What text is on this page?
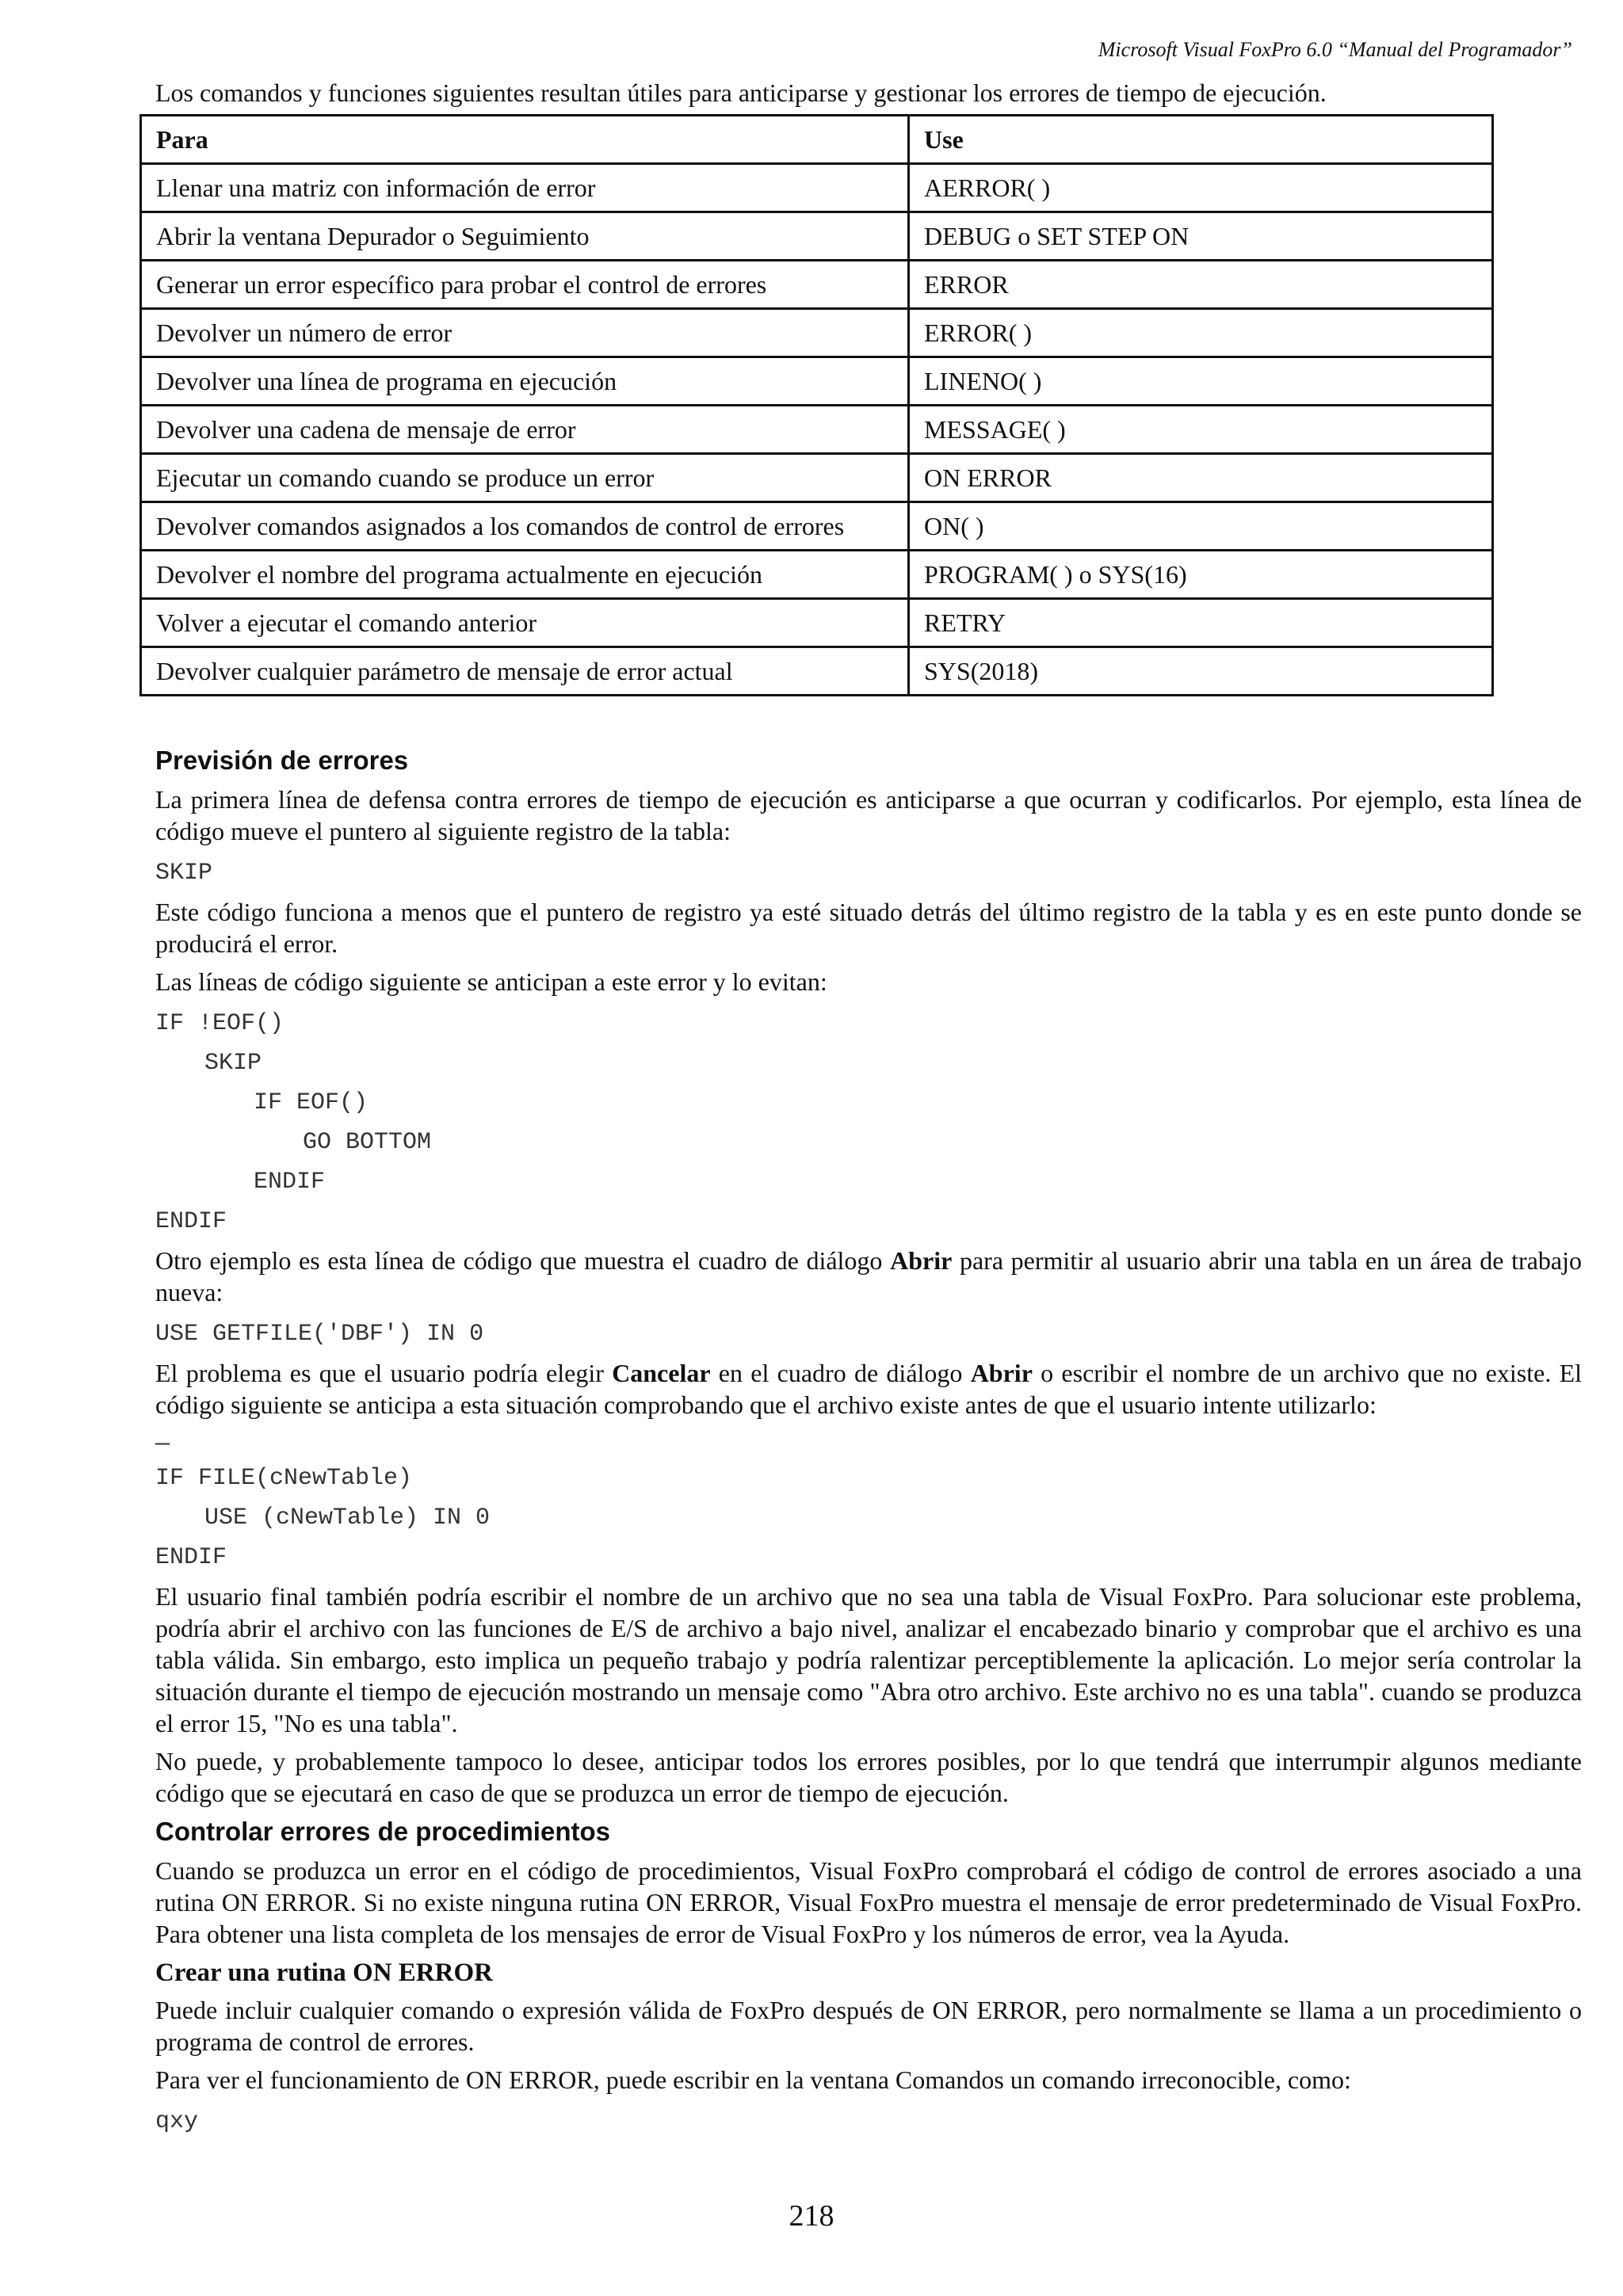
Microsoft Visual FoxPro 6.0 “Manual del Programador”

Los comandos y funciones siguientes resultan útiles para anticiparse y gestionar los errores de tiempo de ejecución.

Para	Use
Llenar una matriz con información de error	AERROR( )
Abrir la ventana Depurador o Seguimiento	DEBUG o SET STEP ON
Generar un error específico para probar el control de errores	ERROR
Devolver un número de error	ERROR( )
Devolver una línea de programa en ejecución	LINENO( )
Devolver una cadena de mensaje de error	MESSAGE( )
Ejecutar un comando cuando se produce un error	ON ERROR
Devolver comandos asignados a los comandos de control de errores	ON( )
Devolver el nombre del programa actualmente en ejecución	PROGRAM( ) o SYS(16)
Volver a ejecutar el comando anterior	RETRY
Devolver cualquier parámetro de mensaje de error actual	SYS(2018)
Previsión de errores

La primera línea de defensa contra errores de tiempo de ejecución es anticiparse a que ocurran y codificarlos. Por ejemplo, esta línea de código mueve el puntero al siguiente registro de la tabla:

SKIP

Este código funciona a menos que el puntero de registro ya esté situado detrás del último registro de la tabla y es en este punto donde se producirá el error.

Las líneas de código siguiente se anticipan a este error y lo evitan:

IF !EOF()
SKIP
IF EOF()
GO BOTTOM
ENDIF
ENDIF

Otro ejemplo es esta línea de código que muestra el cuadro de diálogo Abrir para permitir al usuario abrir una tabla en un área de trabajo nueva:

USE GETFILE('DBF') IN 0

El problema es que el usuario podría elegir Cancelar en el cuadro de diálogo Abrir o escribir el nombre de un archivo que no existe. El código siguiente se anticipa a esta situación comprobando que el archivo existe antes de que el usuario intente utilizarlo:

—
IF FILE(cNewTable)
USE (cNewTable) IN 0
ENDIF

El usuario final también podría escribir el nombre de un archivo que no sea una tabla de Visual FoxPro. Para solucionar este problema, podría abrir el archivo con las funciones de E/S de archivo a bajo nivel, analizar el encabezado binario y comprobar que el archivo es una tabla válida. Sin embargo, esto implica un pequeño trabajo y podría ralentizar perceptiblemente la aplicación. Lo mejor sería controlar la situación durante el tiempo de ejecución mostrando un mensaje como "Abra otro archivo. Este archivo no es una tabla". cuando se produzca el error 15, "No es una tabla".

No puede, y probablemente tampoco lo desee, anticipar todos los errores posibles, por lo que tendrá que interrumpir algunos mediante código que se ejecutará en caso de que se produzca un error de tiempo de ejecución.

Controlar errores de procedimientos

Cuando se produzca un error en el código de procedimientos, Visual FoxPro comprobará el código de control de errores asociado a una rutina ON ERROR. Si no existe ninguna rutina ON ERROR, Visual FoxPro muestra el mensaje de error predeterminado de Visual FoxPro. Para obtener una lista completa de los mensajes de error de Visual FoxPro y los números de error, vea la Ayuda.

Crear una rutina ON ERROR

Puede incluir cualquier comando o expresión válida de FoxPro después de ON ERROR, pero normalmente se llama a un procedimiento o programa de control de errores.

Para ver el funcionamiento de ON ERROR, puede escribir en la ventana Comandos un comando irreconocible, como:

qxy
218
